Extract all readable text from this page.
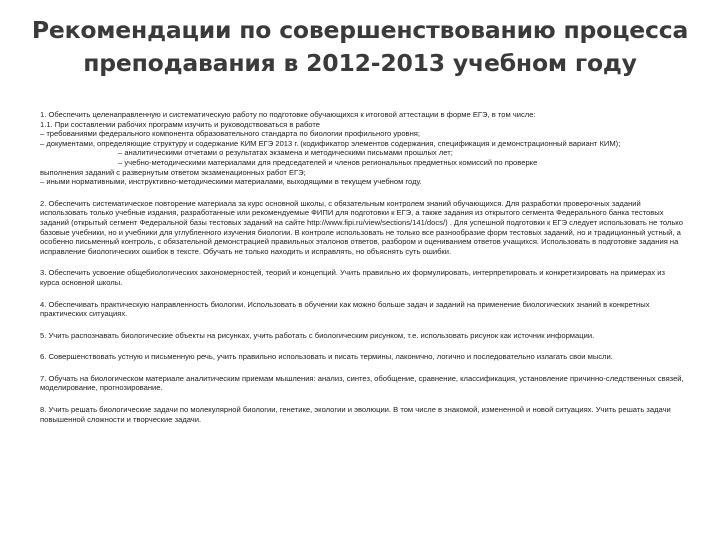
Рекомендации по совершенствованию процесса преподавания в 2012-2013 учебном году

1. Обеспечить целенаправленную и систематическую работу по подготовке обучающихся к итоговой аттестации в форме ЕГЭ, в том числе:

1.1. При составлении рабочих программ изучить и руководствоваться в работе

– требованиями федерального компонента образовательного стандарта по биологии профильного уровня;

– документами, определяющие структуру и содержание КИМ ЕГЭ 2013 г. (кодификатор элементов содержания, спецификация и демонстрационный вариант КИМ);

– аналитическими отчетами о результатах экзамена и методическими письмами прошлых лет;

– учебно-методическими материалами для председателей и членов региональных предметных комиссий по проверке

выполнения заданий с развернутым ответом экзаменационных работ ЕГЭ;

– иными нормативными, инструктивно-методическими материалами, выходящими в текущем учебном году.

2. Обеспечить систематическое повторение материала за курс основной школы, с обязательным контролем знаний обучающихся. Для разработки проверочных заданий использовать только учебные издания, разработанные или рекомендуемые ФИПИ для подготовки к ЕГЭ, а также задания из открытого сегмента Федерального банка тестовых заданий (открытый сегмент Федеральной базы тестовых заданий на сайте http://www.fipi.ru/view/sections/141/docs/) . Для успешной подготовки к ЕГЭ следует использовать не только базовые учебники, но и учебники для углубленного изучения биологии. В контроле использовать не только все разнообразие форм тестовых заданий, но и традиционный устный, а особенно письменный контроль, с обязательной демонстрацией правильных эталонов ответов, разбором и оцениванием ответов учащихся. Использовать в подготовке задания на исправление биологических ошибок в тексте. Обучать не только находить и исправлять, но объяснять суть ошибки.

3. Обеспечить усвоение общебиологических закономерностей, теорий и концепций. Учить правильно их формулировать, интерпретировать и конкретизировать на примерах из курса основной школы.

4. Обеспечивать практическую направленность биологии. Использовать в обучении как можно больше задач и заданий на применение биологических знаний в конкретных практических ситуациях.

5. Учить распознавать биологические объекты на рисунках, учить работать с биологическим рисунком, т.е. использовать рисунок как источник информации.

6. Совершенствовать устную и письменную речь, учить правильно использовать и писать термины, лаконично, логично и последовательно излагать свои мысли.

7. Обучать на биологическом материале аналитическим приемам мышления: анализ, синтез, обобщение, сравнение, классификация, установление причинно-следственных связей, моделирование, прогнозирование.

8. Учить решать биологические задачи по молекулярной биологии, генетике, экологии и эволюции. В том числе в знакомой, измененной и новой ситуациях. Учить решать задачи повышенной сложности и творческие задачи.
